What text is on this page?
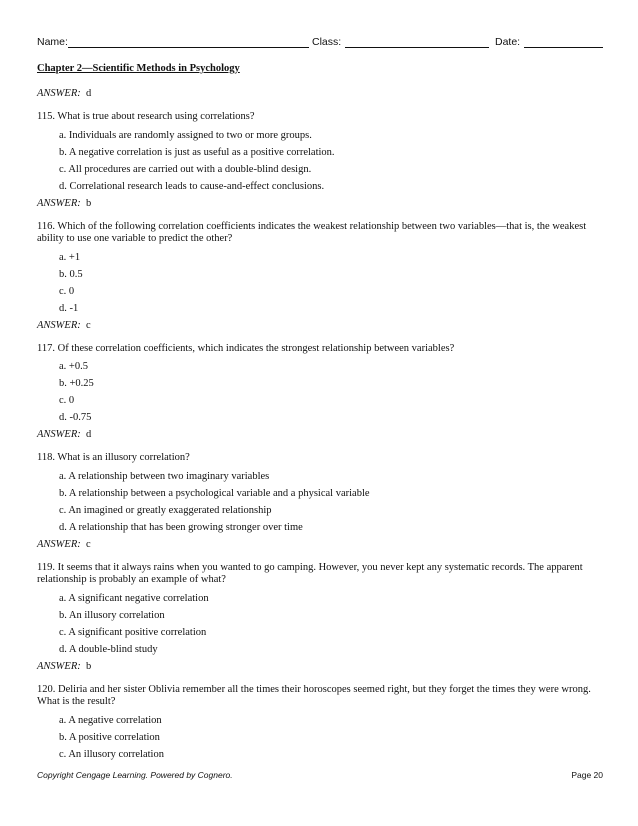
Name:	Class:	Date:
Chapter 2—Scientific Methods in Psychology
ANSWER: d
115. What is true about research using correlations?
a. Individuals are randomly assigned to two or more groups.
b. A negative correlation is just as useful as a positive correlation.
c. All procedures are carried out with a double-blind design.
d. Correlational research leads to cause-and-effect conclusions.
ANSWER: b
116. Which of the following correlation coefficients indicates the weakest relationship between two variables—that is, the weakest ability to use one variable to predict the other?
a. +1
b. 0.5
c. 0
d. -1
ANSWER: c
117. Of these correlation coefficients, which indicates the strongest relationship between variables?
a. +0.5
b. +0.25
c. 0
d. -0.75
ANSWER: d
118. What is an illusory correlation?
a. A relationship between two imaginary variables
b. A relationship between a psychological variable and a physical variable
c. An imagined or greatly exaggerated relationship
d. A relationship that has been growing stronger over time
ANSWER: c
119. It seems that it always rains when you wanted to go camping. However, you never kept any systematic records. The apparent relationship is probably an example of what?
a. A significant negative correlation
b. An illusory correlation
c. A significant positive correlation
d. A double-blind study
ANSWER: b
120. Deliria and her sister Oblivia remember all the times their horoscopes seemed right, but they forget the times they were wrong. What is the result?
a. A negative correlation
b. A positive correlation
c. An illusory correlation
Copyright Cengage Learning. Powered by Cognero.	Page 20
